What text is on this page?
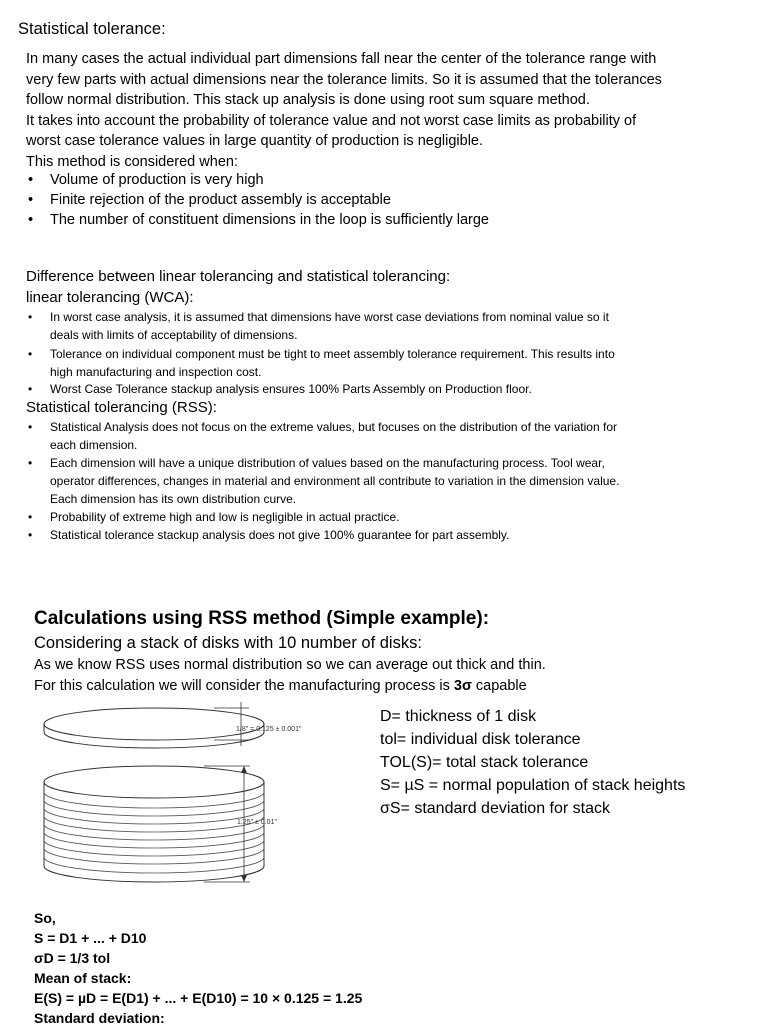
Statistical tolerance:
In many cases the actual individual part dimensions fall near the center of the tolerance range with
very few parts with actual dimensions near the tolerance limits. So it is assumed that the tolerances
follow normal distribution. This stack up analysis is done using root sum square method.
It takes into account the probability of tolerance value and not worst case limits as probability of
worst case tolerance values in large quantity of production is negligible.
This method is considered when:
Volume of production is very high
Finite rejection of the product assembly is acceptable
The number of constituent dimensions in the loop is sufficiently large
Difference between linear tolerancing and statistical tolerancing:
linear tolerancing (WCA):
In worst case analysis, it is assumed that dimensions have worst case deviations from nominal value so it
deals with limits of acceptability of dimensions.
Tolerance on individual component must be tight to meet assembly tolerance requirement. This results into
high manufacturing and inspection cost.
Worst Case Tolerance stackup analysis ensures 100% Parts Assembly on Production floor.
Statistical tolerancing (RSS):
Statistical Analysis does not focus on the extreme values, but focuses on the distribution of the variation for
each dimension.
Each dimension will have a unique distribution of values based on the manufacturing process. Tool wear,
operator differences, changes in material and environment all contribute to variation in the dimension value.
Each dimension has its own distribution curve.
Probability of extreme high and low is negligible in actual practice.
Statistical tolerance stackup analysis does not give 100% guarantee for part assembly.
Calculations using RSS method (Simple example):
Considering a stack of disks with 10 number of disks:
As we know RSS uses normal distribution so we can average out thick and thin.
For this calculation we will consider the manufacturing process is 3σ capable
1/8" = 0.125 ± 0.001"
1.25" ± 0.01"
D= thickness of 1 disk
tol= individual disk tolerance
TOL(S)= total stack tolerance
S= µS = normal population of stack heights
σS= standard deviation for stack
So,
S = D1 + ... + D10
σD = 1/3 tol
Mean of stack:
E(S) = µD = E(D1) + ... + E(D10) = 10 × 0.125 = 1.25
Standard deviation:
